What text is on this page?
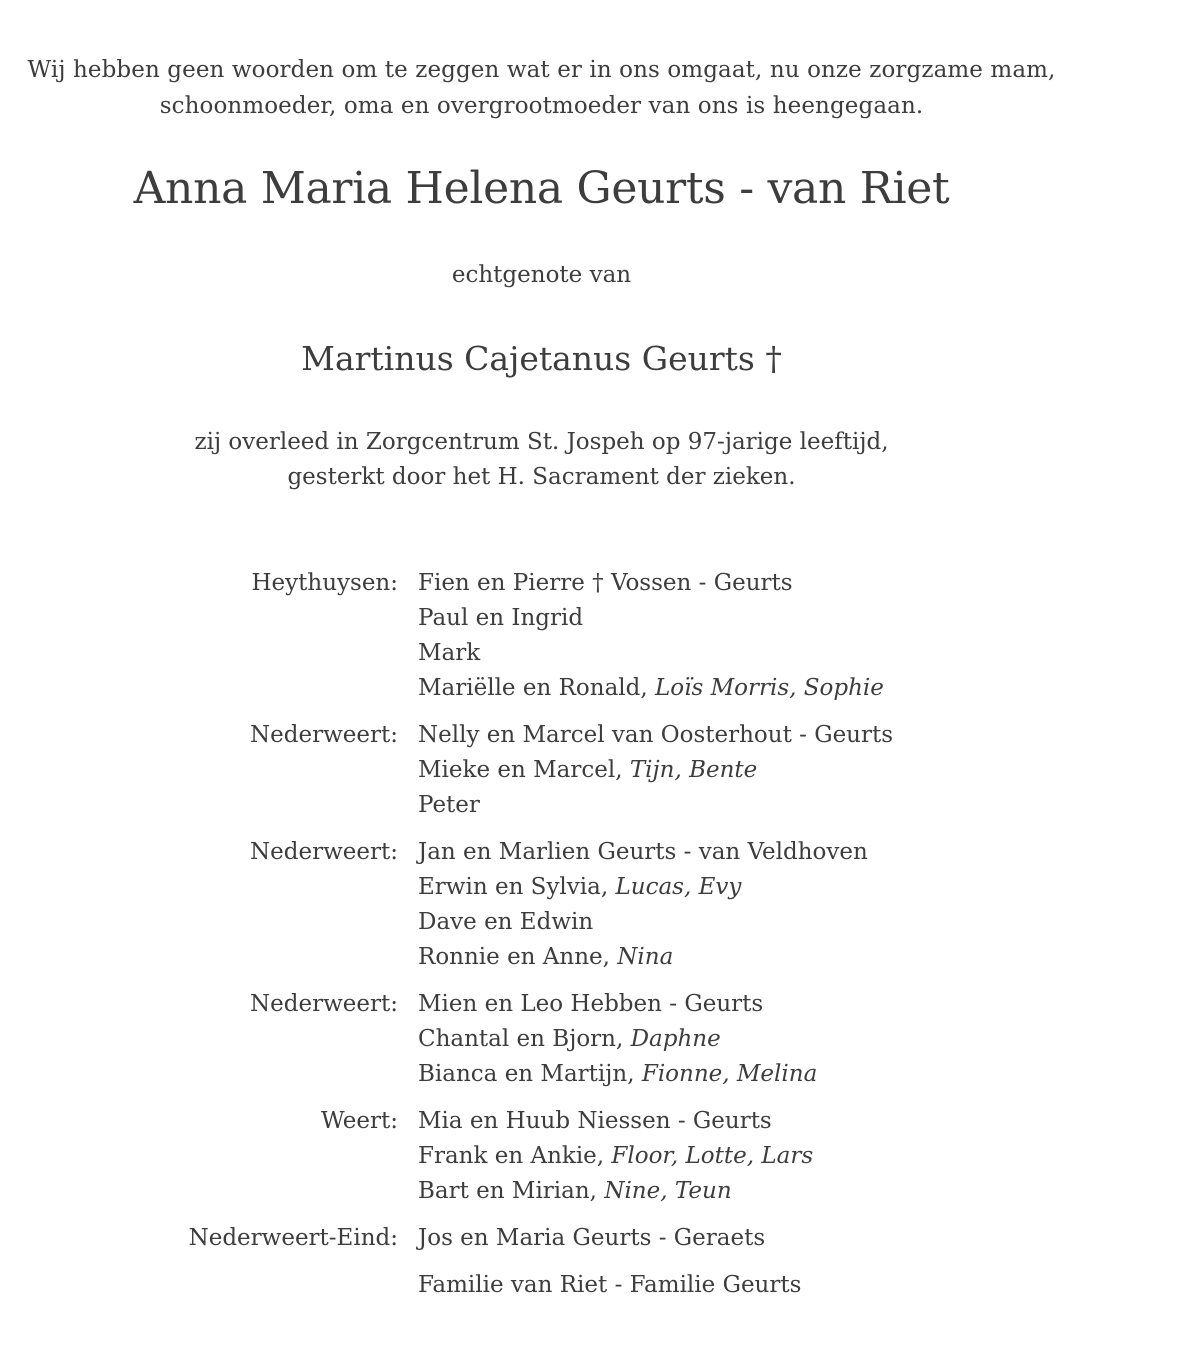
Wij hebben geen woorden om te zeggen wat er in ons omgaat, nu onze zorgzame mam,
schoonmoeder, oma en overgrootmoeder van ons is heengegaan.
Anna Maria Helena Geurts - van Riet
echtgenote van
Martinus Cajetanus Geurts †
zij overleed in Zorgcentrum St. Jospeh op 97-jarige leeftijd,
gesterkt door het H. Sacrament der zieken.
Heythuysen: Fien en Pierre † Vossen - Geurts
Paul en Ingrid
Mark
Mariëlle en Ronald, Loïs Morris, Sophie
Nederweert: Nelly en Marcel van Oosterhout - Geurts
Mieke en Marcel, Tijn, Bente
Peter
Nederweert: Jan en Marlien Geurts - van Veldhoven
Erwin en Sylvia, Lucas, Evy
Dave en Edwin
Ronnie en Anne, Nina
Nederweert: Mien en Leo Hebben - Geurts
Chantal en Bjorn, Daphne
Bianca en Martijn, Fionne, Melina
Weert: Mia en Huub Niessen - Geurts
Frank en Ankie, Floor, Lotte, Lars
Bart en Mirian, Nine, Teun
Nederweert-Eind: Jos en Maria Geurts - Geraets
Familie van Riet - Familie Geurts
